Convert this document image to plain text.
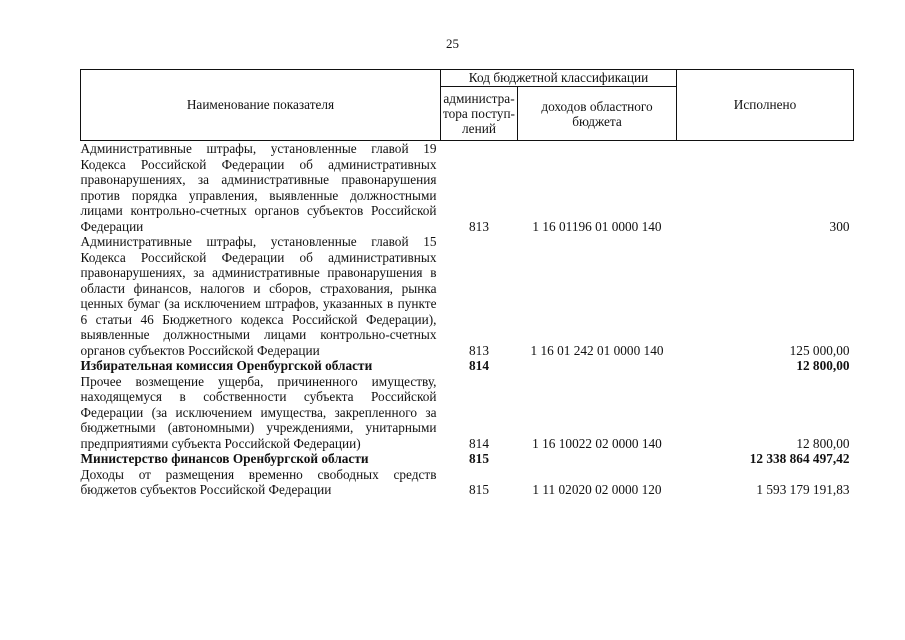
25
Наименование показателя	Код бюджетной классификации		Исполнено
	администра-тора поступ-лений	доходов областного бюджета	
Административные штрафы, установленные главой 19 Кодекса Российской Федерации об административных правонарушениях, за административные правонарушения против порядка управления, выявленные должностными лицами контрольно-счетных органов субъектов Российской Федерации	813	1 16 01196 01 0000 140	300
Административные штрафы, установленные главой 15 Кодекса Российской Федерации об административных правонарушениях, за административные правонарушения в области финансов, налогов и сборов, страхования, рынка ценных бумаг (за исключением штрафов, указанных в пункте 6 статьи 46 Бюджетного кодекса Российской Федерации), выявленные должностными лицами контрольно-счетных органов субъектов Российской Федерации	813	1 16 01 242 01 0000 140	125 000,00
Избирательная комиссия Оренбургской области	814		12 800,00
Прочее возмещение ущерба, причиненного имуществу, находящемуся в собственности субъекта Российской Федерации (за исключением имущества, закрепленного за бюджетными (автономными) учреждениями, унитарными предприятиями субъекта Российской Федерации)	814	1 16 10022 02 0000 140	12 800,00
Министерство финансов Оренбургской области	815		12 338 864 497,42
Доходы от размещения временно свободных средств бюджетов субъектов Российской Федерации	815	1 11 02020 02 0000 120	1 593 179 191,83
